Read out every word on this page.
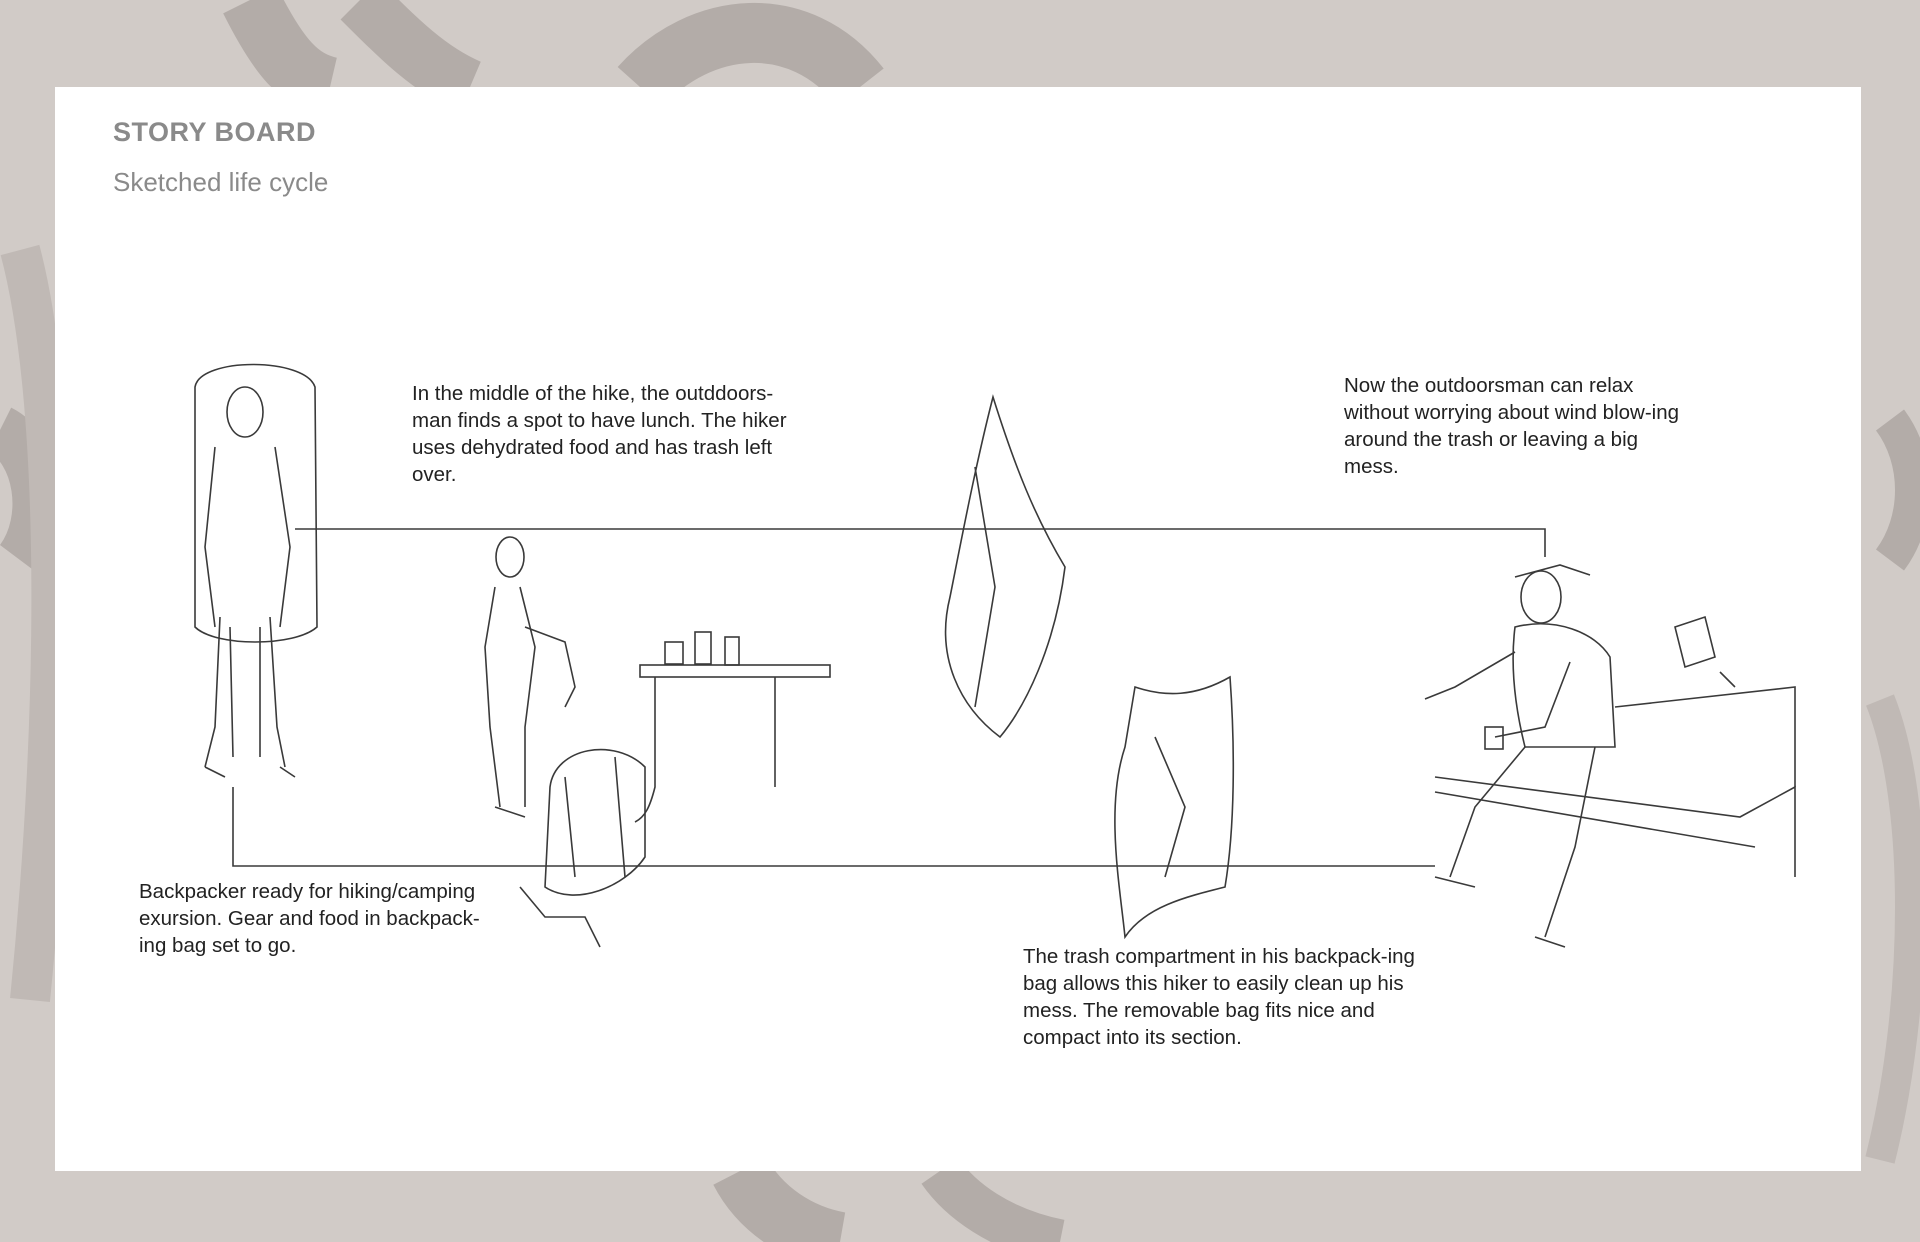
STORY BOARD
Sketched life cycle
Backpacker ready for hiking/camping exursion. Gear and food in backpack-ing bag set to go.
In the middle of the hike, the outddoors-man finds a spot to have lunch. The hiker uses dehydrated food and has trash left over.
The trash compartment in his backpack-ing bag allows this hiker to easily clean up his mess. The removable bag fits nice and compact into its section.
Now the outdoorsman can relax without worrying about wind blow-ing around the trash or leaving a big mess.
